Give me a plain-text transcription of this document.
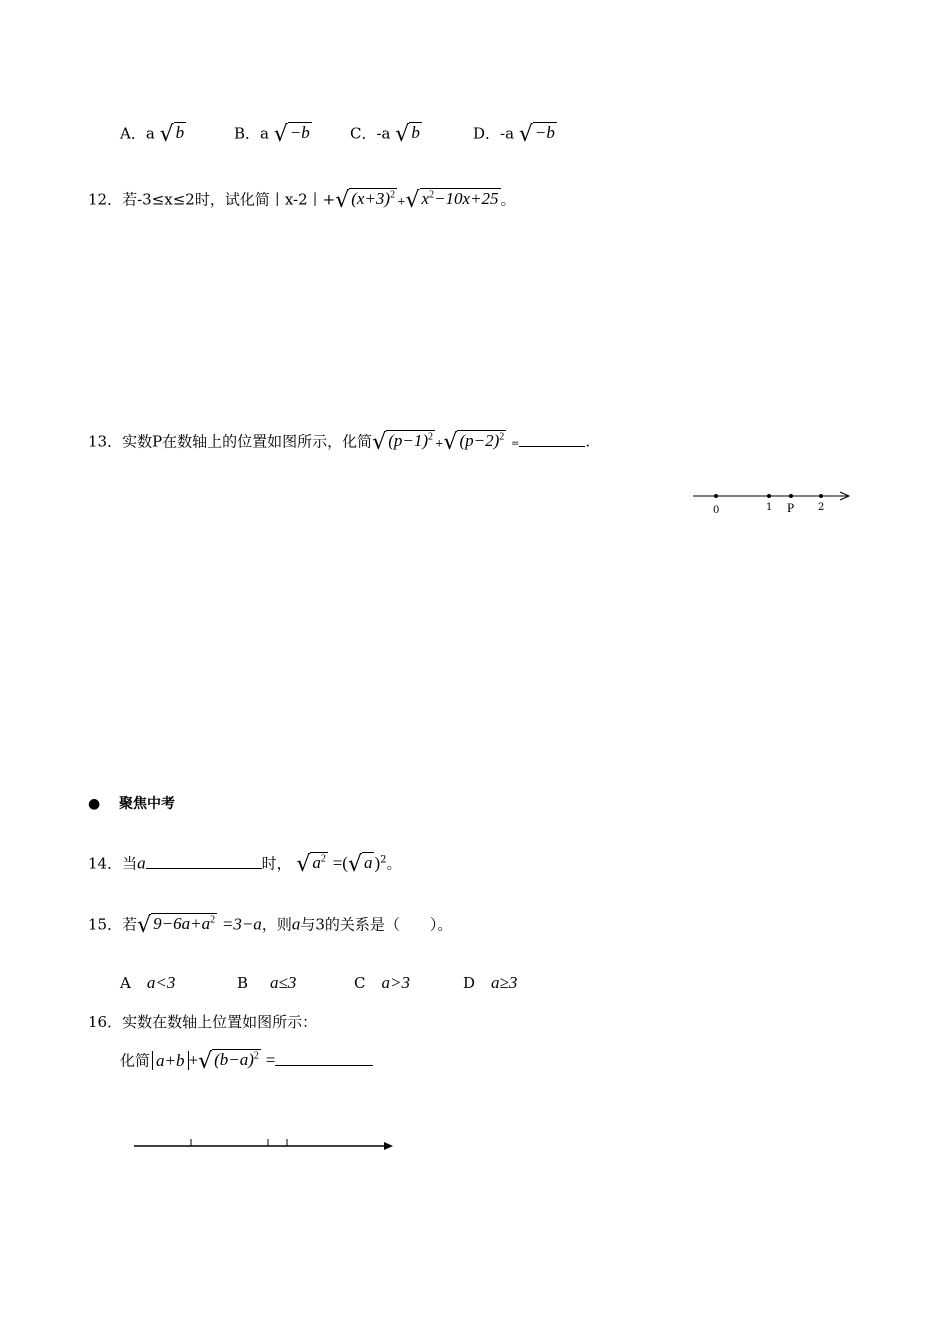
A．a √ b	B．a √ −b	C．-a √ b	D．-a √ −b
12．若-3≤x≤2时，试化简丨x-2丨+√ $(x+3)^2+√$ $x^2-10x+25$ 。
13．实数P在数轴上的位置如图所示，化简√ $(p-1)^2+√$ $(p-2)^2$ =	.
0	1 P 2
● 聚焦中考
14．当a	时， √ $a^2$ =(√ a )$^2$。
15．若√ $9-6a+a^2 =3-a$，则a与3的关系是（　　）。
A a<3	B a≤3	C a>3	D a≥3
16．实数在数轴上位置如图所示：
化简 a+b +√ $(b-a)^2$ =
